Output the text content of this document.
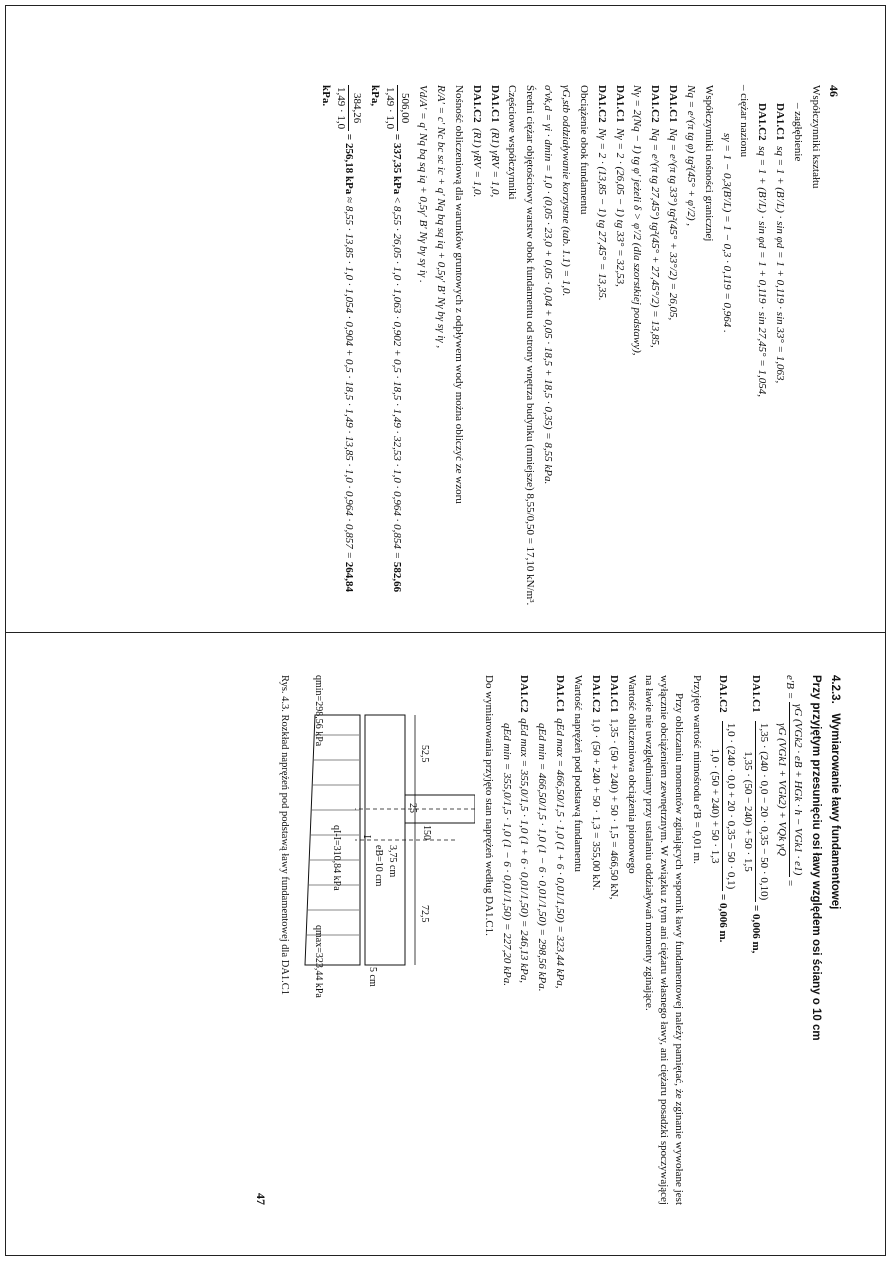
46
Współczynniki kształtu
– zagłębienie
DA1.C1  sq = 1 + (B′/L) · sin φd = 1 + 0,119 · sin 33° = 1,063,
DA1.C2  sq = 1 + (B′/L) · sin φd = 1 + 0,119 · sin 27,45° = 1,054,
– ciężar nazionu
sγ = 1 − 0,3(B′/L) = 1 − 0,3 · 0,119 = 0,964 .
Współczynniki nośności granicznej
Nq = e^(π tg φ) tg²(45° + φ′/2) ,
DA1.C1  Nq = e^(π tg 33°) tg²(45° + 33°/2) = 26,05,
DA1.C2  Nq = e^(π tg 27,45°) tg²(45° + 27,45°/2) = 13,85,
Nγ = 2(Nq − 1) tg φ′ jeżeli δ > φ′/2 (dla szorstkiej podstawy),
DA1.C1  Nγ = 2 · (26,05 − 1) tg 33° = 32,53,
DA1.C2  Nγ = 2 · (13,85 − 1) tg 27,45° = 13,35.
Obciążenie obok fundamentu
γG,stb oddziaływanie korzystne (tab. 1.1) = 1,0.
σ′vk,d = γi · dmin = 1,0 · (0,05 · 23,0 + 0,05 · 0,04 + 0,05 · 18,5 + 18,5 · 0,35) = 8,55 kPa.
Średni ciężar objętościowy warstw obok fundamentu od strony wnętrza budynku (mniejsze) 8,55/0,50 = 17,10 kN/m³.
Częściowe współczynniki
DA1.C1  (R1) γRV = 1,0,
DA1.C2  (R1) γRV = 1,0.
Nośność obliczeniową dla warunków gruntowych z odpływem wody można obliczyć ze wzoru
R/A′ = c′ Nc bc sc ic + q′ Nq bq sq iq + 0,5γ′ B′ Nγ bγ sγ iγ ,
Vd/A′ = q′ Nq bq sq iq + 0,5γ′ B′ Nγ bγ sγ iγ .
506,00
1,49 · 1,0
= 337,35 kPa < 8,55 · 26,05 · 1,0 · 1,063 · 0,902 + 0,5 · 18,5 · 1,49 · 32,53 · 1,0 · 0,964 · 0,854 = 582,66 kPa,
384,26
1,49 · 1,0
= 256,18 kPa ≈ 8,55 · 13,85 · 1,0 · 1,054 · 0,904 + 0,5 · 18,5 · 1,49 · 13,85 · 1,0 · 0,964 · 0,857 = 264,84 kPa.
4.2.3.   Wymiarowanie ławy fundamentowej
Przy przyjętym przesunięciu osi ławy względem osi ściany o 10 cm
e′B =
γG (VGk2 · eB + HGk · h − VGk1 · e1)
γG (VGk1 + VGk2) + VQk γQ
=
DA1.C1
1,35 · (240 · 0,0 − 20 · 0,35 − 50 · 0,10)
1,35 · (50 − 240) + 50 · 1,5
= 0,006 m,
DA1.C2
1,0 · (240 · 0,0 + 20 · 0,35 − 50 · 0,1)
1,0 · (50 + 240) + 50 · 1,3
= 0,006 m.
Przyjęto wartość mimośrodu e′B = 0,01 m.
Przy obliczaniu momentów zginających wspornik ławy fundamentowej należy pamiętać, że zginanie wywołane jest wyłącznie obciążeniem zewnętrznym. W związku z tym ani ciężaru własnego ławy, ani ciężaru posadzki spoczywającej na ławie nie uwzględniamy przy ustalaniu oddziaływań momenty zginające.
Wartość obliczeniowa obciążenia pionowego
DA1.C1  1,35 · (50 + 240) + 50 · 1,5 = 466,50 kN,
DA1.C2  1,0 · (50 + 240 + 50 · 1,3 = 355,00 kN.
Wartość naprężeń pod podstawą fundamentu
DA1.C1  qEd max = 466,50/1,5 · 1,0 (1 + 6 · 0,01/1,50) = 323,44 kPa,
qEd min = 466,50/1,5 · 1,0 (1 − 6 · 0,01/1,50) = 298,56 kPa.
DA1.C2  qEd max = 355,0/1,5 · 1,0 (1 + 6 · 0,01/1,50) = 246,13 kPa,
qEd min = 355,0/1,5 · 1,0 (1 − 6 · 0,01/1,50) = 227,20 kPa.
Do wymiarowania przyjęto stan naprężeń według DA1.C1.
150
52,5
25
72,5
3,75 cm
eB=10 cm
5 cm
qmin=298,56 kPa
qmax=323,44 kPa
qI-I=310,84 kPa I
Rys. 4.3. Rozkład naprężeń pod podstawą ławy fundamentowej dla DA1.C1
47
